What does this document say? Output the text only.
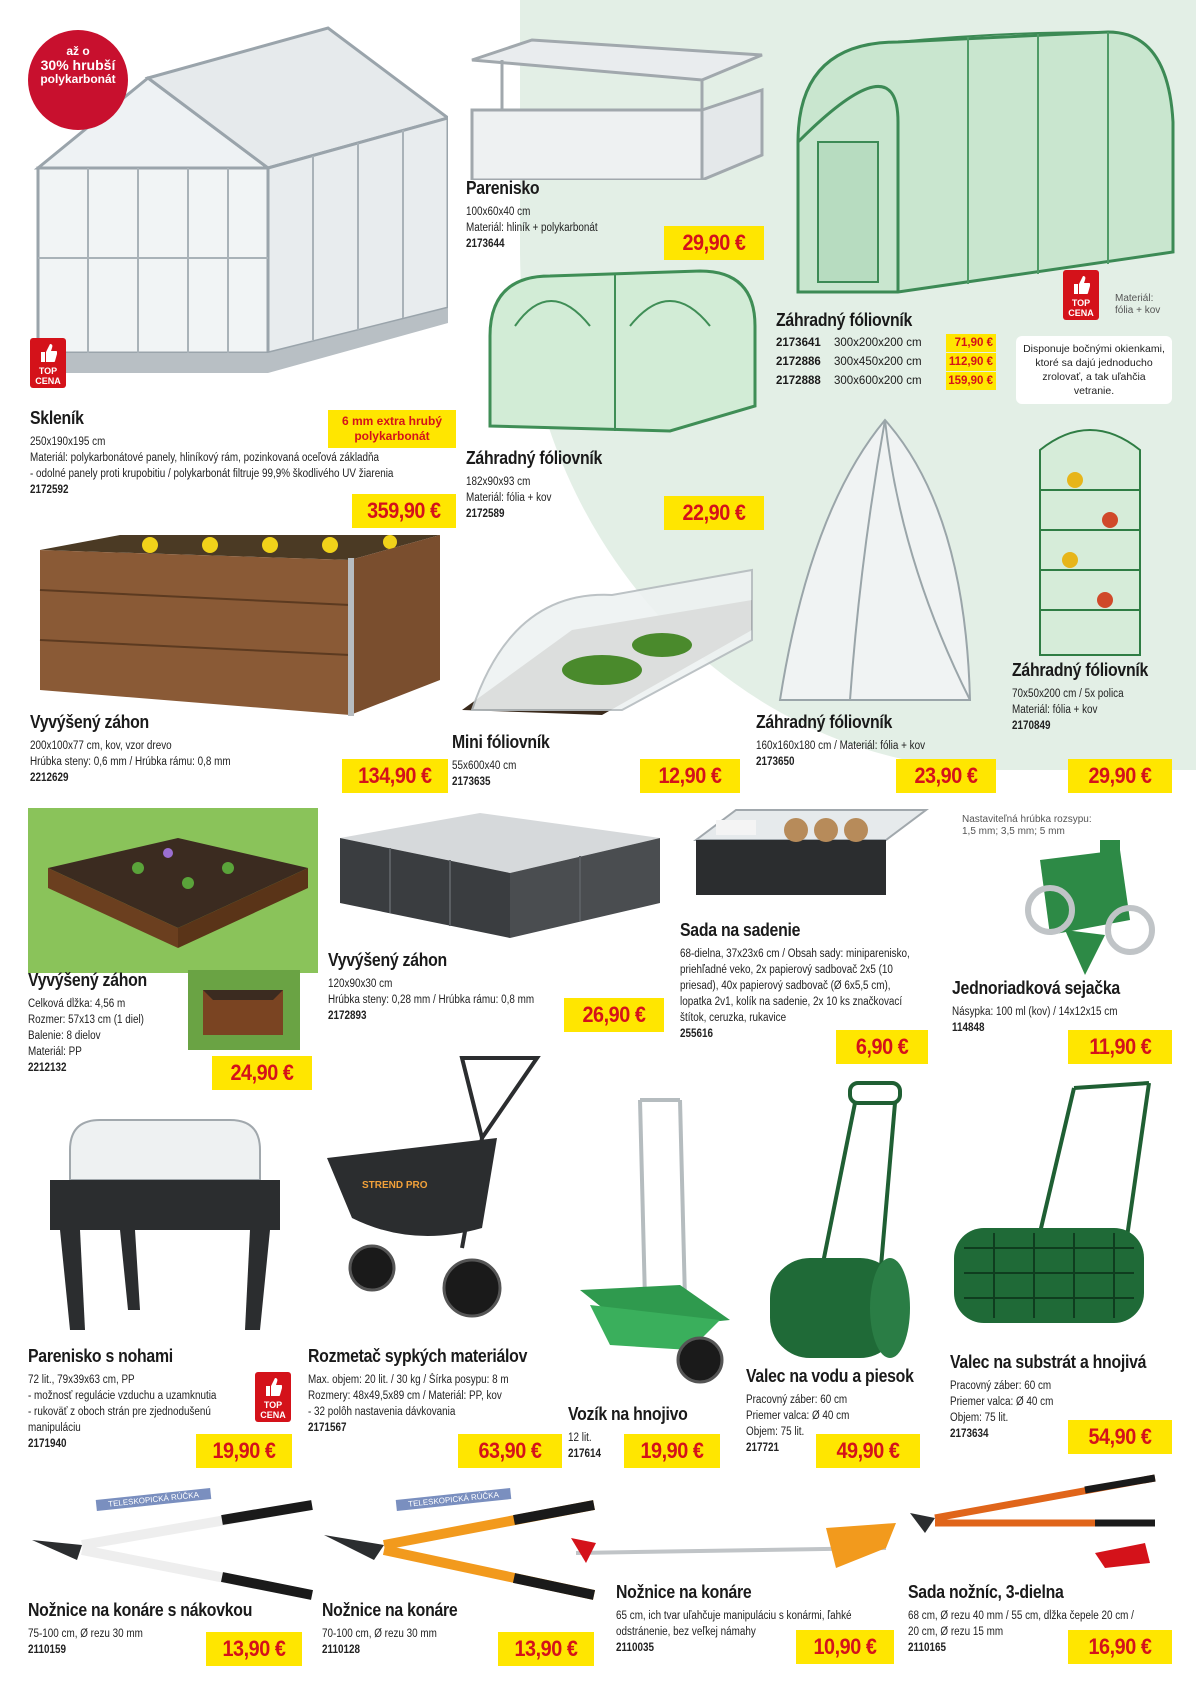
až o
30% hrubší
polykarbonát
TOP
CENA
Skleník
250x190x195 cm
Materiál: polykarbonátové panely, hliníkový rám, pozinkovaná oceľová základňa
- odolné panely proti krupobitiu / polykarbonát filtruje 99,9% škodlivého UV žiarenia
2172592
6 mm extra hrubý
polykarbonát
359,90 €
Parenisko
100x60x40 cm
Materiál: hliník + polykarbonát
2173644	29,90 €
TOP
CENA
Materiál:
fólia + kov
Záhradný fóliovník
2173641	300x200x200 cm	71,90 €
2172886	300x450x200 cm	112,90 €
2172888	300x600x200 cm	159,90 €
Disponuje bočnými okienkami,
ktoré sa dajú jednoducho
zrolovať, a tak uľahčia vetranie.
Záhradný fóliovník
182x90x93 cm
Materiál: fólia + kov
2172589	22,90 €
Vyvýšený záhon
200x100x77 cm, kov, vzor drevo
Hrúbka steny: 0,6 mm / Hrúbka rámu: 0,8 mm
2212629	134,90 €
Mini fóliovník
55x600x40 cm
2173635	12,90 €
Záhradný fóliovník
160x160x180 cm / Materiál: fólia + kov
2173650
23,90 €
Záhradný fóliovník
70x50x200 cm / 5x polica
Materiál: fólia + kov
2170849
29,90 €
Vyvýšený záhon
Celková dĺžka: 4,56 m
Rozmer: 57x13 cm (1 diel)
Balenie: 8 dielov
Materiál: PP
2212132	24,90 €
Vyvýšený záhon
120x90x30 cm
Hrúbka steny: 0,28 mm / Hrúbka rámu: 0,8 mm
2172893	26,90 €
Sada na sadenie
68-dielna, 37x23x6 cm / Obsah sady: miniparenisko,
priehľadné veko, 2x papierový sadbovač 2x5 (10
priesad), 40x papierový sadbovač (Ø 6x5,5 cm),
lopatka 2v1, kolík na sadenie, 2x 10 ks značkovací
štítok, ceruzka, rukavice
255616	6,90 €
Nastaviteľná hrúbka rozsypu:
1,5 mm; 3,5 mm; 5 mm
Jednoriadková sejačka
Násypka: 100 ml (kov) / 14x12x15 cm
114848
11,90 €
TOP
CENA
Parenisko s nohami
72 lit., 79x39x63 cm, PP
- možnosť regulácie vzduchu a uzamknutia
- rukoväť z oboch strán pre zjednodušenú
manipuláciu
2171940	19,90 €
STREND PRO
Rozmetač sypkých materiálov
Max. objem: 20 lit. / 30 kg / Šírka posypu: 8 m
Rozmery: 48x49,5x89 cm / Materiál: PP, kov
- 32 polôh nastavenia dávkovania
2171567
63,90 €
Vozík na hnojivo
12 lit.
217614	19,90 €
Valec na vodu a piesok
Pracovný záber: 60 cm
Priemer valca: Ø 40 cm
Objem: 75 lit.
217721	49,90 €
Valec na substrát a hnojivá
Pracovný záber: 60 cm
Priemer valca: Ø 40 cm
Objem: 75 lit.
2173634	54,90 €
TELESKOPICKÁ RÚČKA
Nožnice na konáre s nákovkou
75-100 cm, Ø rezu 30 mm
2110159	13,90 €
TELESKOPICKÁ RÚČKA
Nožnice na konáre
70-100 cm, Ø rezu 30 mm
2110128	13,90 €
Nožnice na konáre
65 cm, ich tvar uľahčuje manipuláciu s konármi, ľahké
odstránenie, bez veľkej námahy
2110035	10,90 €
Sada nožníc, 3-dielna
68 cm, Ø rezu 40 mm / 55 cm, dĺžka čepele 20 cm /
20 cm, Ø rezu 15 mm
2110165	16,90 €
